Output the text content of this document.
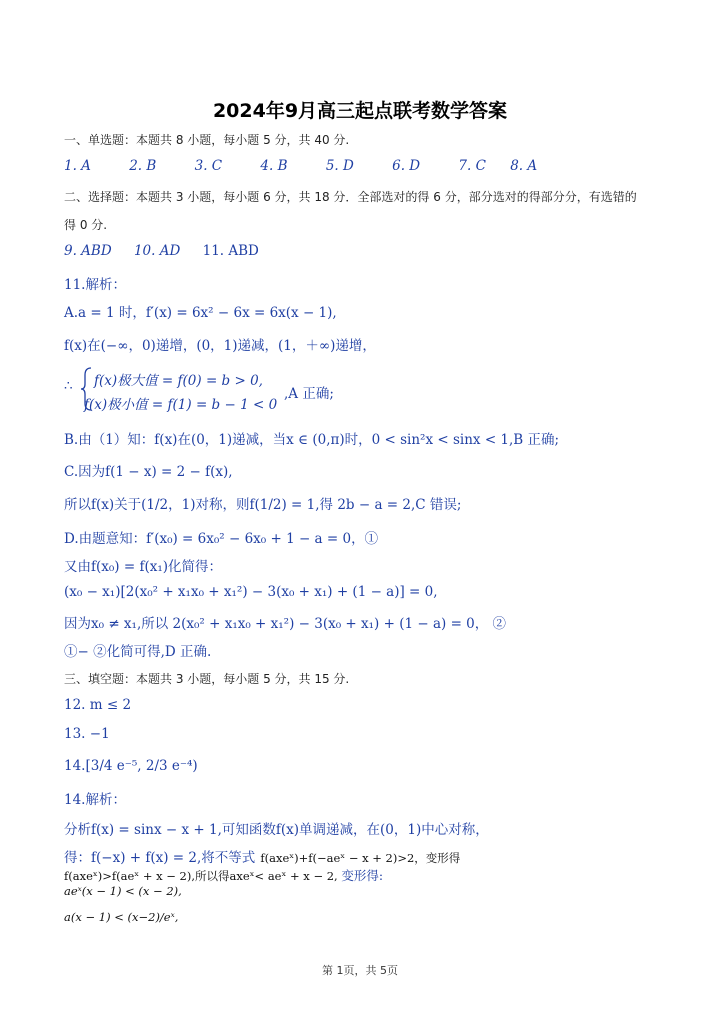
2024年9月高三起点联考数学答案
一、单选题：本题共 8 小题，每小题 5 分，共 40 分.
1. A	2. B	3. C	4. B	5. D	6. D	7. C 8. A
二、选择题：本题共 3 小题，每小题 6 分，共 18 分．全部选对的得 6 分，部分选对的得部分分，有选错的
得 0 分.
9. ABD 10. AD 11. ABD
11.解析：
A.a = 1 时，f′(x) = 6x² − 6x = 6x(x − 1),
f(x)在(−∞，0)递增，(0，1)递减，(1，＋∞)递增，
∴ f(x)极大值 = f(0) = b > 0,
f(x)极小值 = f(1) = b − 1 < 0
,A 正确;
B.由（1）知：f(x)在(0，1)递减，当x ∈ (0,π)时，0 < sin²x < sinx < 1,B 正确;
C.因为f(1 − x) = 2 − f(x),
所以f(x)关于(1/2，1)对称，则f(1/2) = 1,得 2b − a = 2,C 错误;
D.由题意知：f′(x₀) = 6x₀² − 6x₀ + 1 − a = 0，①
又由f(x₀) = f(x₁)化简得：
(x₀ − x₁)[2(x₀² + x₁x₀ + x₁²) − 3(x₀ + x₁) + (1 − a)] = 0,
因为x₀ ≠ x₁,所以 2(x₀² + x₁x₀ + x₁²) − 3(x₀ + x₁) + (1 − a) = 0， ②
①− ②化简可得,D 正确.
三、填空题：本题共 3 小题，每小题 5 分，共 15 分.
12. m ≤ 2
13. −1
14.[3/4 e⁻⁵, 2/3 e⁻⁴)
14.解析：
分析f(x) = sinx − x + 1,可知函数f(x)单调递减，在(0，1)中心对称，
得：f(−x) + f(x) = 2,将不等式 f(axeˣ)+f(−aeˣ − x + 2)>2，变形得
f(axeˣ)>f(aeˣ + x − 2),所以得axeˣ< aeˣ + x − 2, 变形得:
aeˣ(x − 1) < (x − 2),
a(x − 1) < (x−2)/eˣ,
第 1页，共 5页
